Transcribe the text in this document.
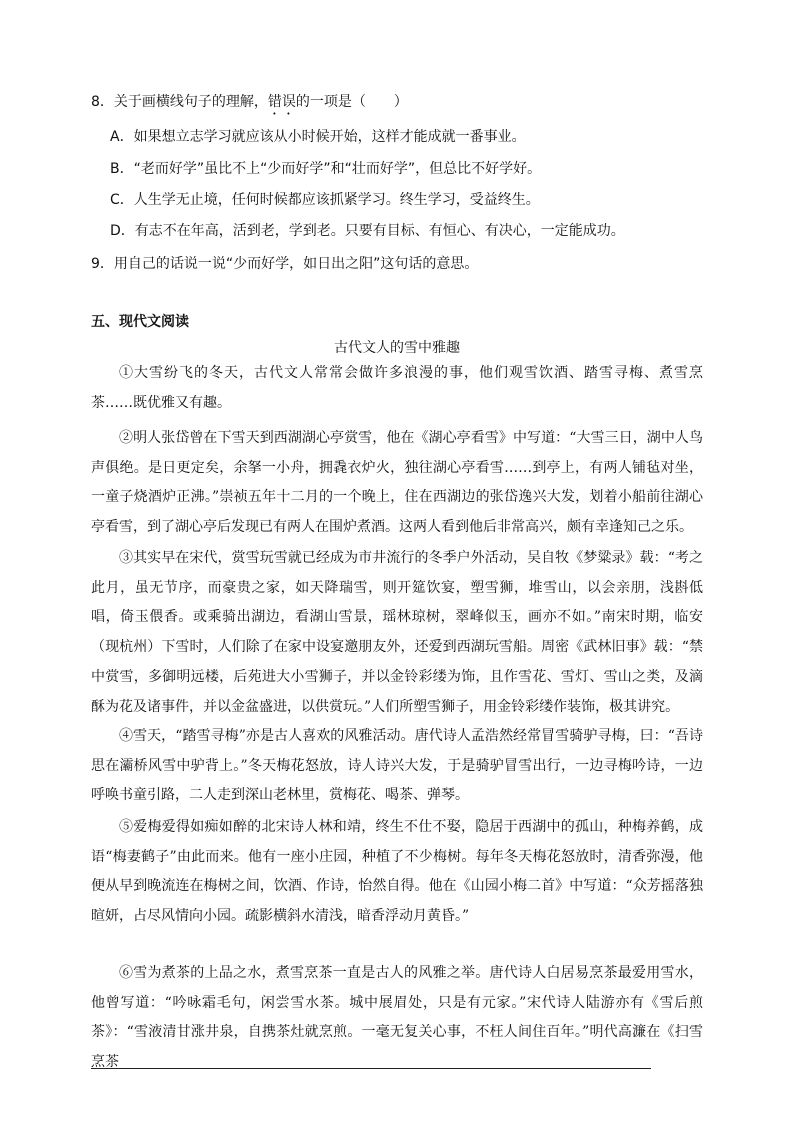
8．关于画横线句子的理解，错误的一项是（　　）
A．如果想立志学习就应该从小时候开始，这样才能成就一番事业。
B．“老而好学”虽比不上“少而好学”和“壮而好学”，但总比不好学好。
C．人生学无止境，任何时候都应该抓紧学习。终生学习，受益终生。
D．有志不在年高，活到老，学到老。只要有目标、有恒心、有决心，一定能成功。
9．用自己的话说一说“少而好学，如日出之阳”这句话的意思。
五、现代文阅读
古代文人的雪中雅趣
①大雪纷飞的冬天，古代文人常常会做许多浪漫的事，他们观雪饮酒、踏雪寻梅、煮雪烹茶……既优雅又有趣。
②明人张岱曾在下雪天到西湖湖心亭赏雪，他在《湖心亭看雪》中写道：“大雪三日，湖中人鸟声俱绝。是日更定矣，余拏一小舟，拥毳衣炉火，独往湖心亭看雪……到亭上，有两人铺毡对坐，一童子烧酒炉正沸。”崇祯五年十二月的一个晚上，住在西湖边的张岱逸兴大发，划着小船前往湖心亭看雪，到了湖心亭后发现已有两人在围炉煮酒。这两人看到他后非常高兴，颇有幸逢知己之乐。
③其实早在宋代，赏雪玩雪就已经成为市井流行的冬季户外活动，吴自牧《梦粱录》载：“考之此月，虽无节序，而豪贵之家，如天降瑞雪，则开筵饮宴，塑雪狮，堆雪山，以会亲朋，浅斟低唱，倚玉偎香。或乘骑出湖边，看湖山雪景，瑶林琼树，翠峰似玉，画亦不如。”南宋时期，临安（现杭州）下雪时，人们除了在家中设宴邀朋友外，还爱到西湖玩雪船。周密《武林旧事》载：“禁中赏雪，多御明远楼，后苑进大小雪狮子，并以金铃彩缕为饰，且作雪花、雪灯、雪山之类，及滴酥为花及诸事件，并以金盆盛进，以供赏玩。”人们所塑雪狮子，用金铃彩缕作装饰，极其讲究。
④雪天，“踏雪寻梅”亦是古人喜欢的风雅活动。唐代诗人孟浩然经常冒雪骑驴寻梅，曰：“吾诗思在灞桥风雪中驴背上。”冬天梅花怒放，诗人诗兴大发，于是骑驴冒雪出行，一边寻梅吟诗，一边呼唤书童引路，二人走到深山老林里，赏梅花、喝茶、弹琴。
⑤爱梅爱得如痴如醉的北宋诗人林和靖，终生不仕不娶，隐居于西湖中的孤山，种梅养鹤，成语“梅妻鹤子”由此而来。他有一座小庄园，种植了不少梅树。每年冬天梅花怒放时，清香弥漫，他便从早到晚流连在梅树之间，饮酒、作诗，怡然自得。他在《山园小梅二首》中写道：“众芳摇落独暄妍，占尽风情向小园。疏影横斜水清浅，暗香浮动月黄昏。”
⑥雪为煮茶的上品之水，煮雪烹茶一直是古人的风雅之举。唐代诗人白居易烹茶最爱用雪水，他曾写道：“吟咏霜毛句，闲尝雪水茶。城中展眉处，只是有元家。”宋代诗人陆游亦有《雪后煎茶》：“雪液清甘涨井泉，自携茶灶就烹煎。一毫无复关心事，不枉人间住百年。”明代高濂在《扫雪烹茶
